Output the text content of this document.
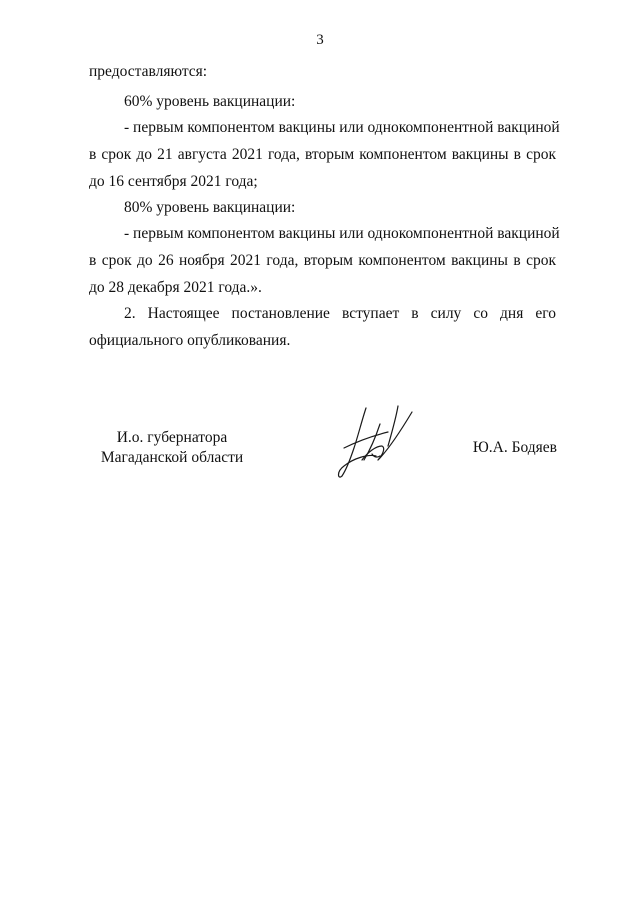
3
предоставляются:
60% уровень вакцинации:
- первым компонентом вакцины или однокомпонентной вакциной
в срок до 21 августа 2021 года, вторым компонентом вакцины в срок
до 16 сентября 2021 года;
80% уровень вакцинации:
- первым компонентом вакцины или однокомпонентной вакциной
в срок до 26 ноября 2021 года, вторым компонентом вакцины в срок
до 28 декабря 2021 года.».
2. Настоящее постановление вступает в силу со дня его
официального опубликования.
И.о. губернатора
Магаданской области
Ю.А. Бодяев
